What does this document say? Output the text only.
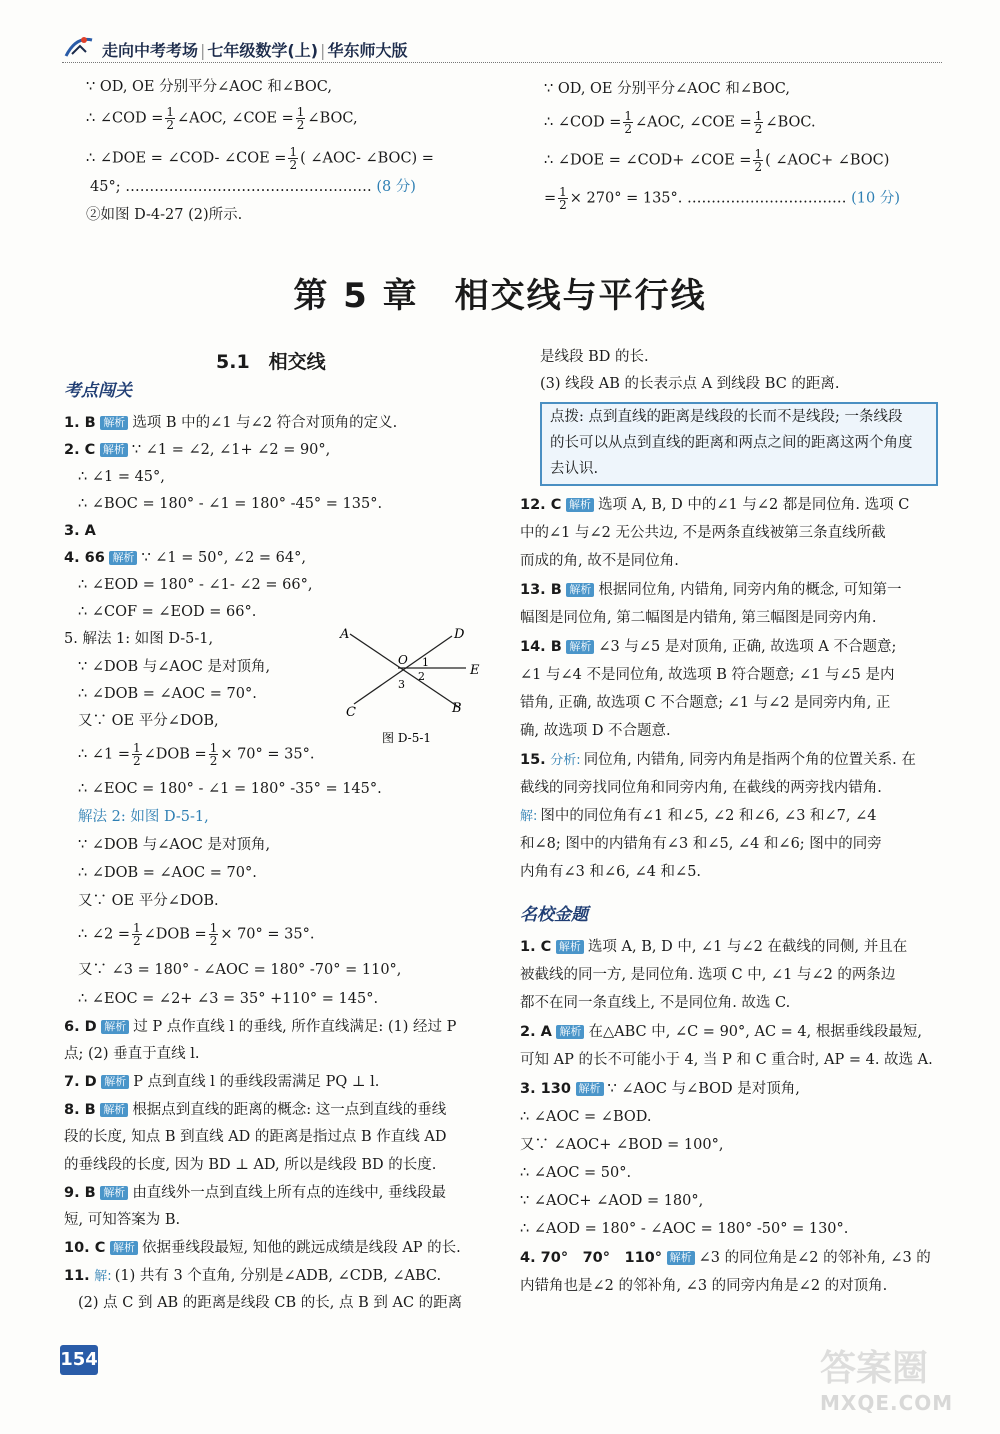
走向中考考场 | 七年级数学(上) | 华东师大版
∵ OD, OE 分别平分∠AOC 和∠BOC,
∴ ∠COD = $\frac{1}{2}$ ∠AOC, ∠COE = $\frac{1}{2}$ ∠BOC,
∴ ∠DOE = ∠COD- ∠COE = $\frac{1}{2}$ ( ∠AOC- ∠BOC) =
45°; …………………………………………… (8 分)
②如图 D-4-27 (2)所示.
∵ OD, OE 分别平分∠AOC 和∠BOC,
∴ ∠COD = $\frac{1}{2}$ ∠AOC, ∠COE = $\frac{1}{2}$ ∠BOC.
∴ ∠DOE = ∠COD+ ∠COE = $\frac{1}{2}$ ( ∠AOC+ ∠BOC)
= $\frac{1}{2} \times 270^\circ = 135^\circ$. …………………………… (10 分)
第 5 章　相交线与平行线
5.1　相交线
考点闯关
A	D
E
C	B
O 1
2
3
图 D-5-1
1. B 解析 选项 B 中的∠1 与∠2 符合对顶角的定义.
2. C 解析 ∵ ∠1 = ∠2, ∠1+ ∠2 = 90°,
∴ ∠1 = 45°,
∴ ∠BOC = 180° - ∠1 = 180° -45° = 135°.
3. A
4. 66 解析 ∵ ∠1 = 50°, ∠2 = 64°,
∴ ∠EOD = 180° - ∠1- ∠2 = 66°,
∴ ∠COF = ∠EOD = 66°.
5. 解法 1: 如图 D-5-1,
∵ ∠DOB 与∠AOC 是对顶角,
∴ ∠DOB = ∠AOC = 70°.
又∵ OE 平分∠DOB,
∴ ∠1 = $\frac{1}{2}$ ∠DOB = $\frac{1}{2} \times 70^\circ = 35^\circ$.
∴ ∠EOC = 180° - ∠1 = 180° -35° = 145°.
解法 2: 如图 D-5-1,
∵ ∠DOB 与∠AOC 是对顶角,
∴ ∠DOB = ∠AOC = 70°.
又∵ OE 平分∠DOB.
∴ ∠2 = $\frac{1}{2}$ ∠DOB = $\frac{1}{2} \times 70^\circ = 35^\circ$.
又∵ ∠3 = 180° - ∠AOC = 180° -70° = 110°,
∴ ∠EOC = ∠2+ ∠3 = 35° +110° = 145°.
6. D 解析 过 P 点作直线 l 的垂线, 所作直线满足: (1) 经过 P
点; (2) 垂直于直线 l.
7. D 解析 P 点到直线 l 的垂线段需满足 PQ ⊥ l.
8. B 解析 根据点到直线的距离的概念: 这一点到直线的垂线
段的长度, 知点 B 到直线 AD 的距离是指过点 B 作直线 AD
的垂线段的长度, 因为 BD ⊥ AD, 所以是线段 BD 的长度.
9. B 解析 由直线外一点到直线上所有点的连线中, 垂线段最
短, 可知答案为 B.
10. C 解析 依据垂线段最短, 知他的跳远成绩是线段 AP 的长.
11. 解: (1) 共有 3 个直角, 分别是∠ADB, ∠CDB, ∠ABC.
(2) 点 C 到 AB 的距离是线段 CB 的长, 点 B 到 AC 的距离
是线段 BD 的长.
(3) 线段 AB 的长表示点 A 到线段 BC 的距离.
点拨: 点到直线的距离是线段的长而不是线段; 一条线段
的长可以从点到直线的距离和两点之间的距离这两个角度
去认识.
12. C 解析 选项 A, B, D 中的∠1 与∠2 都是同位角. 选项 C
中的∠1 与∠2 无公共边, 不是两条直线被第三条直线所截
而成的角, 故不是同位角.
13. B 解析 根据同位角, 内错角, 同旁内角的概念, 可知第一
幅图是同位角, 第二幅图是内错角, 第三幅图是同旁内角.
14. B 解析 ∠3 与∠5 是对顶角, 正确, 故选项 A 不合题意;
∠1 与∠4 不是同位角, 故选项 B 符合题意; ∠1 与∠5 是内
错角, 正确, 故选项 C 不合题意; ∠1 与∠2 是同旁内角, 正
确, 故选项 D 不合题意.
15. 分析: 同位角, 内错角, 同旁内角是指两个角的位置关系. 在
截线的同旁找同位角和同旁内角, 在截线的两旁找内错角.
解: 图中的同位角有∠1 和∠5, ∠2 和∠6, ∠3 和∠7, ∠4
和∠8; 图中的内错角有∠3 和∠5, ∠4 和∠6; 图中的同旁
内角有∠3 和∠6, ∠4 和∠5.
名校金题
1. C 解析 选项 A, B, D 中, ∠1 与∠2 在截线的同侧, 并且在
被截线的同一方, 是同位角. 选项 C 中, ∠1 与∠2 的两条边
都不在同一条直线上, 不是同位角. 故选 C.
2. A 解析 在△ABC 中, ∠C = 90°, AC = 4, 根据垂线段最短,
可知 AP 的长不可能小于 4, 当 P 和 C 重合时, AP = 4. 故选 A.
3. 130 解析 ∵ ∠AOC 与∠BOD 是对顶角,
∴ ∠AOC = ∠BOD.
又∵ ∠AOC+ ∠BOD = 100°,
∴ ∠AOC = 50°.
∵ ∠AOC+ ∠AOD = 180°,
∴ ∠AOD = 180° - ∠AOC = 180° -50° = 130°.
4. 70°　70°　110° 解析 ∠3 的同位角是∠2 的邻补角, ∠3 的
内错角也是∠2 的邻补角, ∠3 的同旁内角是∠2 的对顶角.
154	答案圈
MXQE.COM
